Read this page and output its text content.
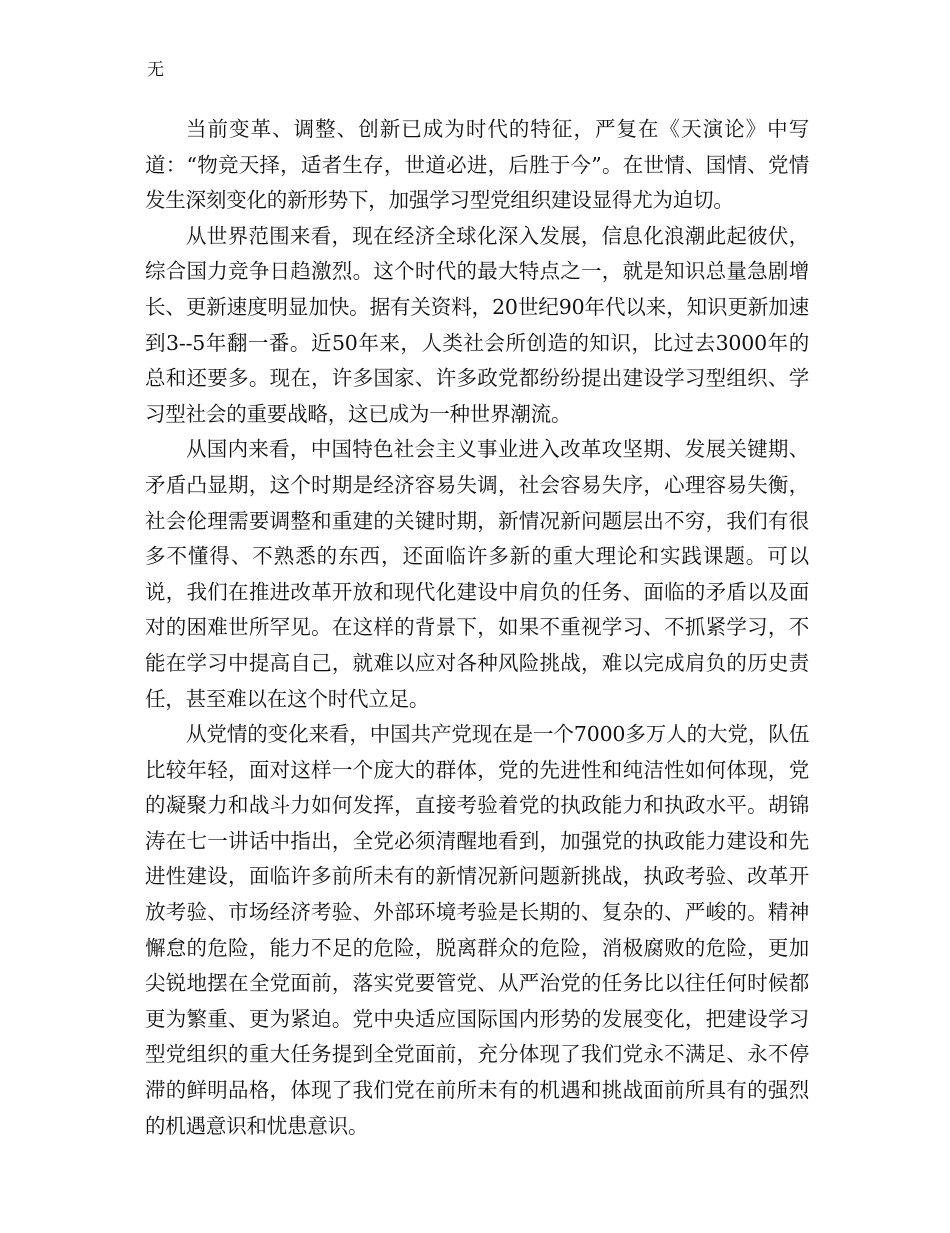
无

当前变革、调整、创新已成为时代的特征，严复在《天演论》中写道：“物竞天择，适者生存，世道必进，后胜于今”。在世情、国情、党情发生深刻变化的新形势下，加强学习型党组织建设显得尤为迫切。

从世界范围来看，现在经济全球化深入发展，信息化浪潮此起彼伏，综合国力竞争日趋激烈。这个时代的最大特点之一，就是知识总量急剧增长、更新速度明显加快。据有关资料，20世纪90年代以来，知识更新加速到3--5年翻一番。近50年来，人类社会所创造的知识，比过去3000年的总和还要多。现在，许多国家、许多政党都纷纷提出建设学习型组织、学习型社会的重要战略，这已成为一种世界潮流。

从国内来看，中国特色社会主义事业进入改革攻坚期、发展关键期、矛盾凸显期，这个时期是经济容易失调，社会容易失序，心理容易失衡，社会伦理需要调整和重建的关键时期，新情况新问题层出不穷，我们有很多不懂得、不熟悉的东西，还面临许多新的重大理论和实践课题。可以说，我们在推进改革开放和现代化建设中肩负的任务、面临的矛盾以及面对的困难世所罕见。在这样的背景下，如果不重视学习、不抓紧学习，不能在学习中提高自己，就难以应对各种风险挑战，难以完成肩负的历史责任，甚至难以在这个时代立足。

从党情的变化来看，中国共产党现在是一个7000多万人的大党，队伍比较年轻，面对这样一个庞大的群体，党的先进性和纯洁性如何体现，党的凝聚力和战斗力如何发挥，直接考验着党的执政能力和执政水平。胡锦涛在七一讲话中指出，全党必须清醒地看到，加强党的执政能力建设和先进性建设，面临许多前所未有的新情况新问题新挑战，执政考验、改革开放考验、市场经济考验、外部环境考验是长期的、复杂的、严峻的。精神懈怠的危险，能力不足的危险，脱离群众的危险，消极腐败的危险，更加尖锐地摆在全党面前，落实党要管党、从严治党的任务比以往任何时候都更为繁重、更为紧迫。党中央适应国际国内形势的发展变化，把建设学习型党组织的重大任务提到全党面前，充分体现了我们党永不满足、永不停滞的鲜明品格，体现了我们党在前所未有的机遇和挑战面前所具有的强烈的机遇意识和忧患意识。
